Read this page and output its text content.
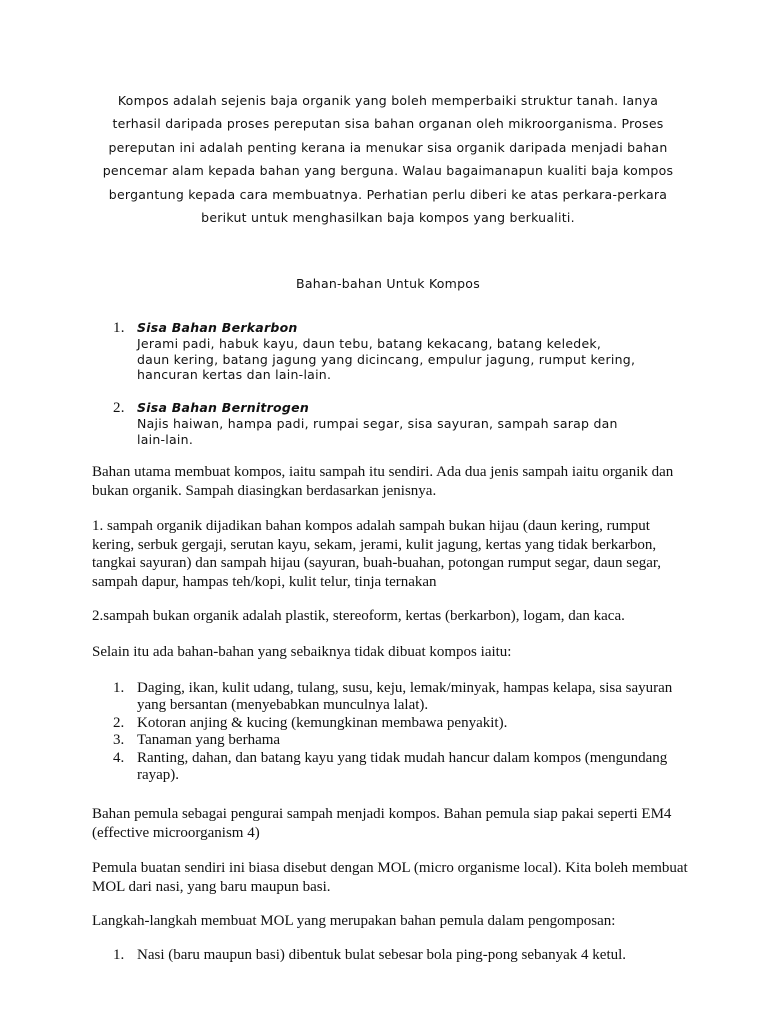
Kompos adalah sejenis baja organik yang boleh memperbaiki struktur tanah. Ianya terhasil daripada proses pereputan sisa bahan organan oleh mikroorganisma. Proses pereputan ini adalah penting kerana ia menukar sisa organik daripada menjadi bahan pencemar alam kepada bahan yang berguna. Walau bagaimanapun kualiti baja kompos bergantung kepada cara membuatnya. Perhatian perlu diberi ke atas perkara-perkara berikut untuk menghasilkan baja kompos yang berkualiti.

Bahan-bahan Untuk Kompos

1. Sisa Bahan Berkarbon
Jerami padi, habuk kayu, daun tebu, batang kekacang, batang keledek, daun kering, batang jagung yang dicincang, empulur jagung, rumput kering, hancuran kertas dan lain-lain.
2. Sisa Bahan Bernitrogen
Najis haiwan, hampa padi, rumpai segar, sisa sayuran, sampah sarap dan lain-lain.

Bahan utama membuat kompos, iaitu sampah itu sendiri. Ada dua jenis sampah iaitu organik dan bukan organik. Sampah diasingkan berdasarkan jenisnya.

1. sampah organik dijadikan bahan kompos adalah sampah bukan hijau (daun kering, rumput kering, serbuk gergaji, serutan kayu, sekam, jerami, kulit jagung, kertas yang tidak berkarbon, tangkai sayuran) dan sampah hijau (sayuran, buah-buahan, potongan rumput segar, daun segar, sampah dapur, hampas teh/kopi, kulit telur, tinja ternakan

2.sampah bukan organik adalah plastik, stereoform, kertas (berkarbon), logam, dan kaca.

Selain itu ada bahan-bahan yang sebaiknya tidak dibuat kompos iaitu:

1. Daging, ikan, kulit udang, tulang, susu, keju, lemak/minyak, hampas kelapa, sisa sayuran yang bersantan (menyebabkan munculnya lalat).
2. Kotoran anjing & kucing (kemungkinan membawa penyakit).
3. Tanaman yang berhama
4. Ranting, dahan, dan batang kayu yang tidak mudah hancur dalam kompos (mengundang rayap).

Bahan pemula sebagai pengurai sampah menjadi kompos. Bahan pemula siap pakai seperti EM4 (effective microorganism 4)

Pemula buatan sendiri ini biasa disebut dengan MOL (micro organisme local). Kita boleh membuat MOL dari nasi, yang baru maupun basi.

Langkah-langkah membuat MOL yang merupakan bahan pemula dalam pengomposan:

1. Nasi (baru maupun basi) dibentuk bulat sebesar bola ping-pong sebanyak 4 ketul.
